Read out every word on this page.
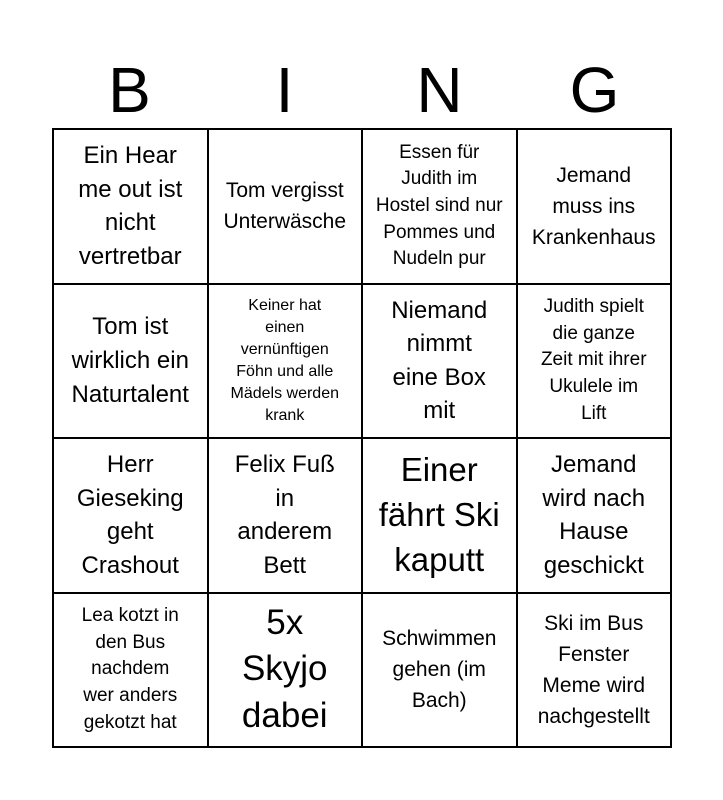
B	I	N	G
Ein Hear
me out ist
nicht
vertretbar
Tom vergisst
Unterwäsche
Essen für
Judith im
Hostel sind nur
Pommes und
Nudeln pur
Jemand
muss ins
Krankenhaus
Tom ist
wirklich ein
Naturtalent
Keiner hat
einen
vernünftigen
Föhn und alle
Mädels werden
krank
Niemand
nimmt
eine Box
mit
Judith spielt
die ganze
Zeit mit ihrer
Ukulele im
Lift
Herr
Gieseking
geht
Crashout
Felix Fuß
in
anderem
Bett
Einer
fährt Ski
kaputt
Jemand
wird nach
Hause
geschickt
Lea kotzt in
den Bus
nachdem
wer anders
gekotzt hat
5x
Skyjo
dabei
Schwimmen
gehen (im
Bach)
Ski im Bus
Fenster
Meme wird
nachgestellt
